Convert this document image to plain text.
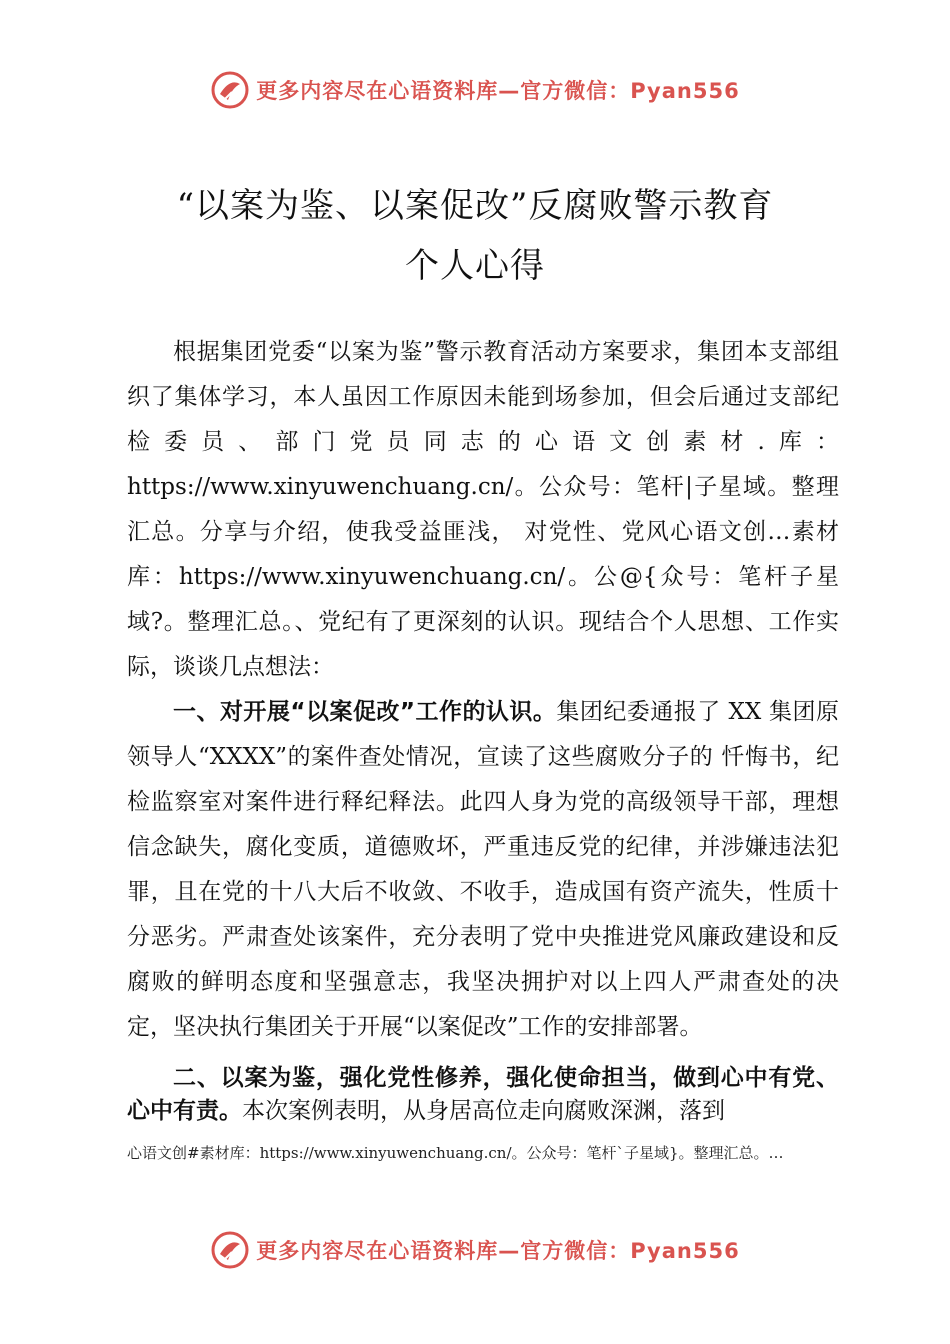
更多内容尽在心语资料库—官方微信：Pyan556
“以案为鉴、以案促改”反腐败警示教育
个人心得

根据集团党委“以案为鉴”警示教育活动方案要求，集团本支部组织了集体学习，本人虽因工作原因未能到场参加，但会后通过支部纪检委员、部门党员同志的心语文创素材.库：https://www.xinyuwenchuang.cn/。公众号：笔杆|子星域。整理汇总。分享与介绍，使我受益匪浅， 对党性、党风心语文创…素材库：https://www.xinyuwenchuang.cn/。公@{众号：笔杆子星域?。整理汇总。、党纪有了更深刻的认识。现结合个人思想、工作实际，谈谈几点想法：

一、对开展“以案促改”工作的认识。集团纪委通报了 XX 集团原领导人“XXXX”的案件查处情况，宣读了这些腐败分子的 忏悔书，纪检监察室对案件进行释纪释法。此四人身为党的高级领导干部，理想信念缺失，腐化变质，道德败坏，严重违反党的纪律，并涉嫌违法犯罪，且在党的十八大后不收敛、不收手，造成国有资产流失，性质十分恶劣。严肃查处该案件，充分表明了党中央推进党风廉政建设和反腐败的鲜明态度和坚强意志，我坚决拥护对以上四人严肃查处的决定，坚决执行集团关于开展“以案促改”工作的安排部署。

二、以案为鉴，强化党性修养，强化使命担当，做到心中有党、心中有责。本次案例表明，从身居高位走向腐败深渊，落到

心语文创#素材库：https://www.xinyuwenchuang.cn/。公众号：笔杆`子星域}。整理汇总。…
更多内容尽在心语资料库—官方微信：Pyan556
